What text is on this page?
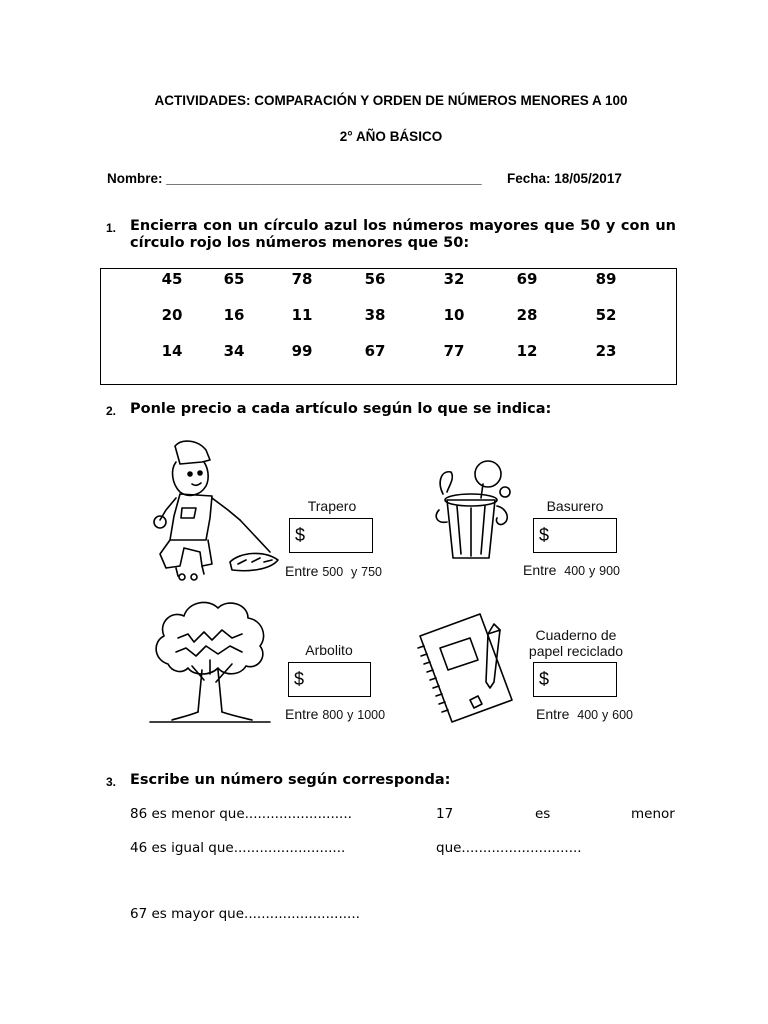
ACTIVIDADES: COMPARACIÓN Y ORDEN DE NÚMEROS MENORES A 100
2° AÑO BÁSICO
Nombre: __________________________________________ Fecha: 18/05/2017
1. Encierra con un círculo azul los números mayores que 50 y con un
círculo rojo los números menores que 50:
45	65	78	56	32	69	89
20	16	11	38	10	28	52
14	34	99	67	77	12	23
2. Ponle precio a cada artículo según lo que se indica:
Trapero
$
Entre 500 y 750
Basurero
$
Entre 400 y 900
Arbolito
$
Entre 800 y 1000
Cuaderno de
papel reciclado
$
Entre 400 y 600
3. Escribe un número según corresponda:
86 es menor que.........................	17	es	menor
46 es igual que..........................	que............................
67 es mayor que...........................
